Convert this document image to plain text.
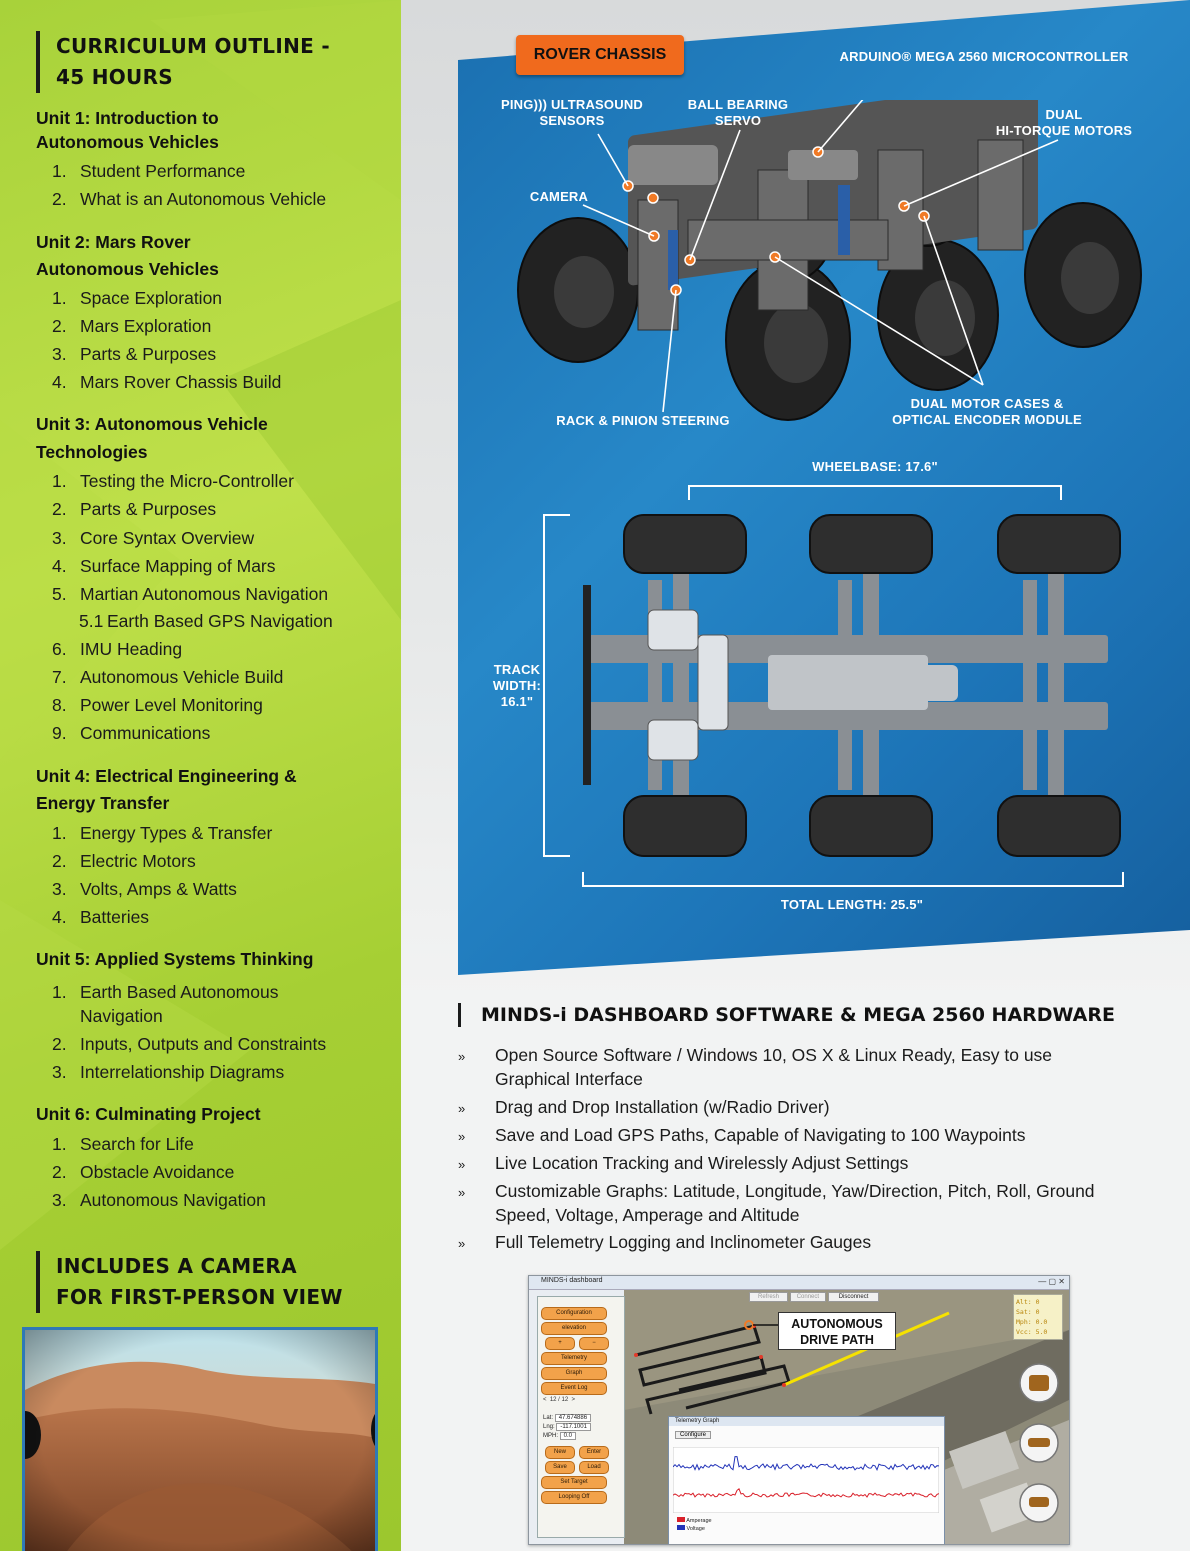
CURRICULUM OUTLINE -
45 HOURS
Unit 1: Introduction to
Autonomous Vehicles
1. Student Performance
2. What is an Autonomous Vehicle
Unit 2: Mars Rover
Autonomous Vehicles
1. Space Exploration
2. Mars Exploration
3. Parts & Purposes
4. Mars Rover Chassis Build
Unit 3: Autonomous Vehicle
Technologies
1. Testing the Micro-Controller
2. Parts & Purposes
3. Core Syntax Overview
4. Surface Mapping of Mars
5. Martian Autonomous Navigation
5.1 Earth Based GPS Navigation
6. IMU Heading
7. Autonomous Vehicle Build
8. Power Level Monitoring
9. Communications
Unit 4: Electrical Engineering &
Energy Transfer
1. Energy Types & Transfer
2. Electric Motors
3. Volts, Amps & Watts
4. Batteries
Unit 5: Applied Systems Thinking
1. Earth Based Autonomous
Navigation
2. Inputs, Outputs and Constraints
3. Interrelationship Diagrams
Unit 6: Culminating Project
1. Search for Life
2. Obstacle Avoidance
3. Autonomous Navigation
INCLUDES A CAMERA
FOR FIRST-PERSON VIEW
ROVER CHASSIS	ARDUINO® MEGA 2560 MICROCONTROLLER
PING))) ULTRASOUND
SENSORS
BALL BEARING
SERVO	DUAL
HI-TORQUE MOTORS
CAMERA
RACK & PINION STEERING
DUAL MOTOR CASES &
OPTICAL ENCODER MODULE
WHEELBASE: 17.6"
TRACK
WIDTH:
16.1"
TOTAL LENGTH: 25.5"
MINDS-i DASHBOARD SOFTWARE & MEGA 2560 HARDWARE
» Open Source Software / Windows 10, OS X & Linux Ready, Easy to use
Graphical Interface
» Drag and Drop Installation (w/Radio Driver)
» Save and Load GPS Paths, Capable of Navigating to 100 Waypoints
» Live Location Tracking and Wirelessly Adjust Settings
» Customizable Graphs: Latitude, Longitude, Yaw/Direction, Pitch, Roll, Ground
Speed, Voltage, Amperage and Altitude
» Full Telemetry Logging and Inclinometer Gauges
MINDS-i dashboard	— ▢ ✕
Configuration
elevation
+	−
Telemetry
Graph
Event Log
<  12 / 12  >
Lat: 47.674886
Lng: -117.1001
MPH: 0.0
New	Enter
Save	Load
Set Target
Looping Off
Refresh	Connect	Disconnect
Alt: 0
Sat: 0
Mph: 0.0
Vcc: 5.0
Telemetry Graph
Configure
Amperage
Voltage
AUTONOMOUS
DRIVE PATH
